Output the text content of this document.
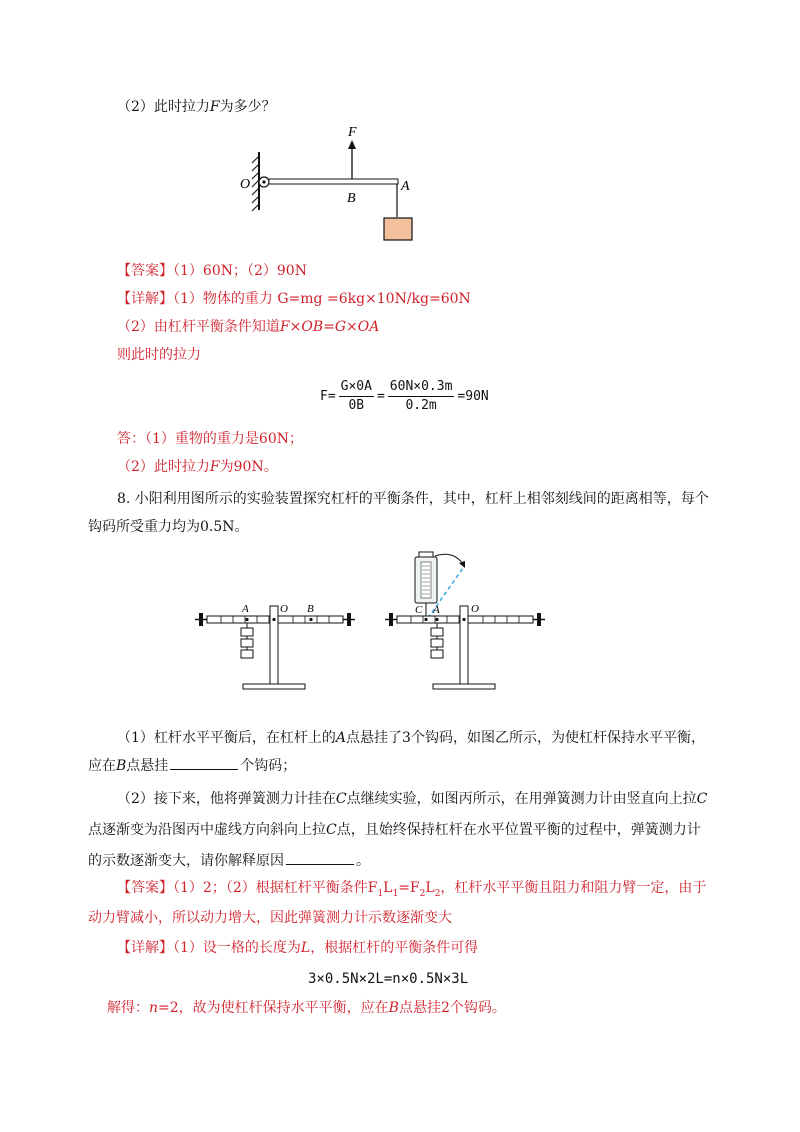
（2）此时拉力F为多少？
F
O
B
A
【答案】（1）60N；（2）90N
【详解】（1）物体的重力 G=mg =6kg×10N/kg=60N
（2）由杠杆平衡条件知道F×OB=G×OA
则此时的拉力
$F= \frac{G\times 0A}{0B} = \frac{60N\times 0.3m}{0.2m} =90N$
答：（1）重物的重力是60N；
（2）此时拉力F为90N。
8. 小阳利用图所示的实验装置探究杠杆的平衡条件，其中，杠杆上相邻刻线间的距离相等，每个
钩码所受重力均为0.5N。
A	O B	C A	O
（1）杠杆水平平衡后，在杠杆上的A点悬挂了3个钩码，如图乙所示，为使杠杆保持水平平衡，
应在B点悬挂	个钩码；
（2）接下来，他将弹簧测力计挂在C点继续实验，如图丙所示，在用弹簧测力计由竖直向上拉C
点逐渐变为沿图丙中虚线方向斜向上拉C点，且始终保持杠杆在水平位置平衡的过程中，弹簧测力计
的示数逐渐变大，请你解释原因	。
【答案】（1）2；（2）根据杠杆平衡条件$F_1L_1=F_2L_2$，杠杆水平平衡且阻力和阻力臂一定，由于
动力臂减小，所以动力增大，因此弹簧测力计示数逐渐变大
【详解】（1）设一格的长度为L，根据杠杆的平衡条件可得
3×0.5N×2L=n×0.5N×3L
解得：n=2，故为使杠杆保持水平平衡，应在B点悬挂2个钩码。
